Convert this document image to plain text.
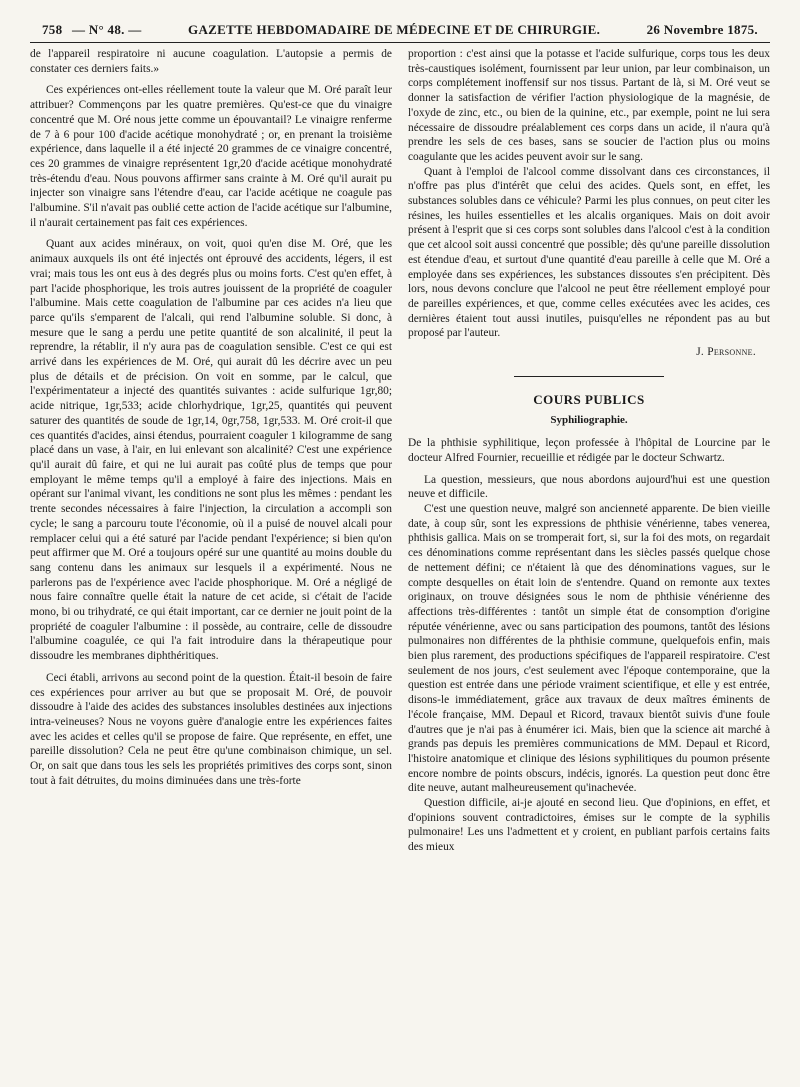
758 — N° 48. —	GAZETTE HEBDOMADAIRE DE MÉDECINE ET DE CHIRURGIE.	26 Novembre 1875.

de l'appareil respiratoire ni aucune coagulation. L'autopsie a permis de constater ces derniers faits.»

Ces expériences ont-elles réellement toute la valeur que M. Oré paraît leur attribuer? Commençons par les quatre premières. Qu'est-ce que du vinaigre concentré que M. Oré nous jette comme un épouvantail? Le vinaigre renferme de 7 à 6 pour 100 d'acide acétique monohydraté ; or, en prenant la troisième expérience, dans laquelle il a été injecté 20 grammes de ce vinaigre concentré, ces 20 grammes de vinaigre représentent 1gr,20 d'acide acétique monohydraté très-étendu d'eau. Nous pouvons affirmer sans crainte à M. Oré qu'il aurait pu injecter son vinaigre sans l'étendre d'eau, car l'acide acétique ne coagule pas l'albumine. S'il n'avait pas oublié cette action de l'acide acétique sur l'albumine, il n'aurait certainement pas fait ces expériences.

Quant aux acides minéraux, on voit, quoi qu'en dise M. Oré, que les animaux auxquels ils ont été injectés ont éprouvé des accidents, légers, il est vrai; mais tous les ont eus à des degrés plus ou moins forts. C'est qu'en effet, à part l'acide phosphorique, les trois autres jouissent de la propriété de coaguler l'albumine. Mais cette coagulation de l'albumine par ces acides n'a lieu que parce qu'ils s'emparent de l'alcali, qui rend l'albumine soluble. Si donc, à mesure que le sang a perdu une petite quantité de son alcalinité, il peut la reprendre, la rétablir, il n'y aura pas de coagulation sensible. C'est ce qui est arrivé dans les expériences de M. Oré, qui aurait dû les décrire avec un peu plus de détails et de précision. On voit en somme, par le calcul, que l'expérimentateur a injecté des quantités suivantes : acide sulfurique 1gr,80; acide nitrique, 1gr,533; acide chlorhydrique, 1gr,25, quantités qui peuvent saturer des quantités de soude de 1gr,14, 0gr,758, 1gr,533. M. Oré croit-il que ces quantités d'acides, ainsi étendus, pourraient coaguler 1 kilogramme de sang placé dans un vase, à l'air, en lui enlevant son alcalinité? C'est une expérience qu'il aurait dû faire, et qui ne lui aurait pas coûté plus de temps que pour employant le même temps qu'il a employé à faire des injections. Mais en opérant sur l'animal vivant, les conditions ne sont plus les mêmes : pendant les trente secondes nécessaires à faire l'injection, la circulation a accompli son cycle; le sang a parcouru toute l'économie, où il a puisé de nouvel alcali pour remplacer celui qui a été saturé par l'acide pendant l'expérience; si bien qu'on peut affirmer que M. Oré a toujours opéré sur une quantité au moins double du sang contenu dans les animaux sur lesquels il a expérimenté. Nous ne parlerons pas de l'expérience avec l'acide phosphorique. M. Oré a négligé de nous faire connaître quelle était la nature de cet acide, si c'était de l'acide mono, bi ou trihydraté, ce qui était important, car ce dernier ne jouit point de la propriété de coaguler l'albumine : il possède, au contraire, celle de dissoudre l'albumine coagulée, ce qui l'a fait introduire dans la thérapeutique pour dissoudre les membranes diphthéritiques.

Ceci établi, arrivons au second point de la question. Était-il besoin de faire ces expériences pour arriver au but que se proposait M. Oré, de pouvoir dissoudre à l'aide des acides des substances insolubles destinées aux injections intra-veineuses? Nous ne voyons guère d'analogie entre les expériences faites avec les acides et celles qu'il se propose de faire. Que représente, en effet, une pareille dissolution? Cela ne peut être qu'une combinaison chimique, un sel. Or, on sait que dans tous les sels les propriétés primitives des corps sont, sinon tout à fait détruites, du moins diminuées dans une très-forte

proportion : c'est ainsi que la potasse et l'acide sulfurique, corps tous les deux très-caustiques isolément, fournissent par leur union, par leur combinaison, un corps complétement inoffensif sur nos tissus. Partant de là, si M. Oré veut se donner la satisfaction de vérifier l'action physiologique de la magnésie, de l'oxyde de zinc, etc., ou bien de la quinine, etc., par exemple, point ne lui sera nécessaire de dissoudre préalablement ces corps dans un acide, il n'aura qu'à prendre les sels de ces bases, sans se soucier de l'action plus ou moins coagulante que les acides peuvent avoir sur le sang.

Quant à l'emploi de l'alcool comme dissolvant dans ces circonstances, il n'offre pas plus d'intérêt que celui des acides. Quels sont, en effet, les substances solubles dans ce véhicule? Parmi les plus connues, on peut citer les résines, les huiles essentielles et les alcalis organiques. Mais on doit avoir présent à l'esprit que si ces corps sont solubles dans l'alcool c'est à la condition que cet alcool soit aussi concentré que possible; dès qu'une pareille dissolution est étendue d'eau, et surtout d'une quantité d'eau pareille à celle que M. Oré a employée dans ses expériences, les substances dissoutes s'en précipitent. Dès lors, nous devons conclure que l'alcool ne peut être réellement employé pour de pareilles expériences, et que, comme celles exécutées avec les acides, ces dernières étaient tout aussi inutiles, puisqu'elles ne répondent pas au but proposé par l'auteur.

J. Personne.
COURS PUBLICS
Syphiliographie.

De la phthisie syphilitique, leçon professée à l'hôpital de Lourcine par le docteur Alfred Fournier, recueillie et rédigée par le docteur Schwartz.

La question, messieurs, que nous abordons aujourd'hui est une question neuve et difficile.

C'est une question neuve, malgré son ancienneté apparente. De bien vieille date, à coup sûr, sont les expressions de phthisie vénérienne, tabes venerea, phthisis gallica. Mais on se tromperait fort, si, sur la foi des mots, on regardait ces dénominations comme représentant dans les siècles passés quelque chose de nettement défini; ce n'étaient là que des dénominations vagues, sur le compte desquelles on était loin de s'entendre. Quand on remonte aux textes originaux, on trouve désignées sous le nom de phthisie vénérienne des affections très-différentes : tantôt un simple état de consomption d'origine réputée vénérienne, avec ou sans participation des poumons, tantôt des lésions pulmonaires non différentes de la phthisie commune, quelquefois enfin, mais bien plus rarement, des productions spécifiques de l'appareil respiratoire. C'est seulement de nos jours, c'est seulement avec l'époque contemporaine, que la question est entrée dans une période vraiment scientifique, et elle y est entrée, disons-le immédiatement, grâce aux travaux de deux maîtres éminents de l'école française, MM. Depaul et Ricord, travaux bientôt suivis d'une foule d'autres que je n'ai pas à énumérer ici. Mais, bien que la science ait marché à grands pas depuis les premières communications de MM. Depaul et Ricord, l'histoire anatomique et clinique des lésions syphilitiques du poumon présente encore nombre de points obscurs, indécis, ignorés. La question peut donc être dite neuve, autant malheureusement qu'inachevée.

Question difficile, ai-je ajouté en second lieu. Que d'opinions, en effet, et d'opinions souvent contradictoires, émises sur le compte de la syphilis pulmonaire! Les uns l'admettent et y croient, en publiant parfois certains faits des mieux
